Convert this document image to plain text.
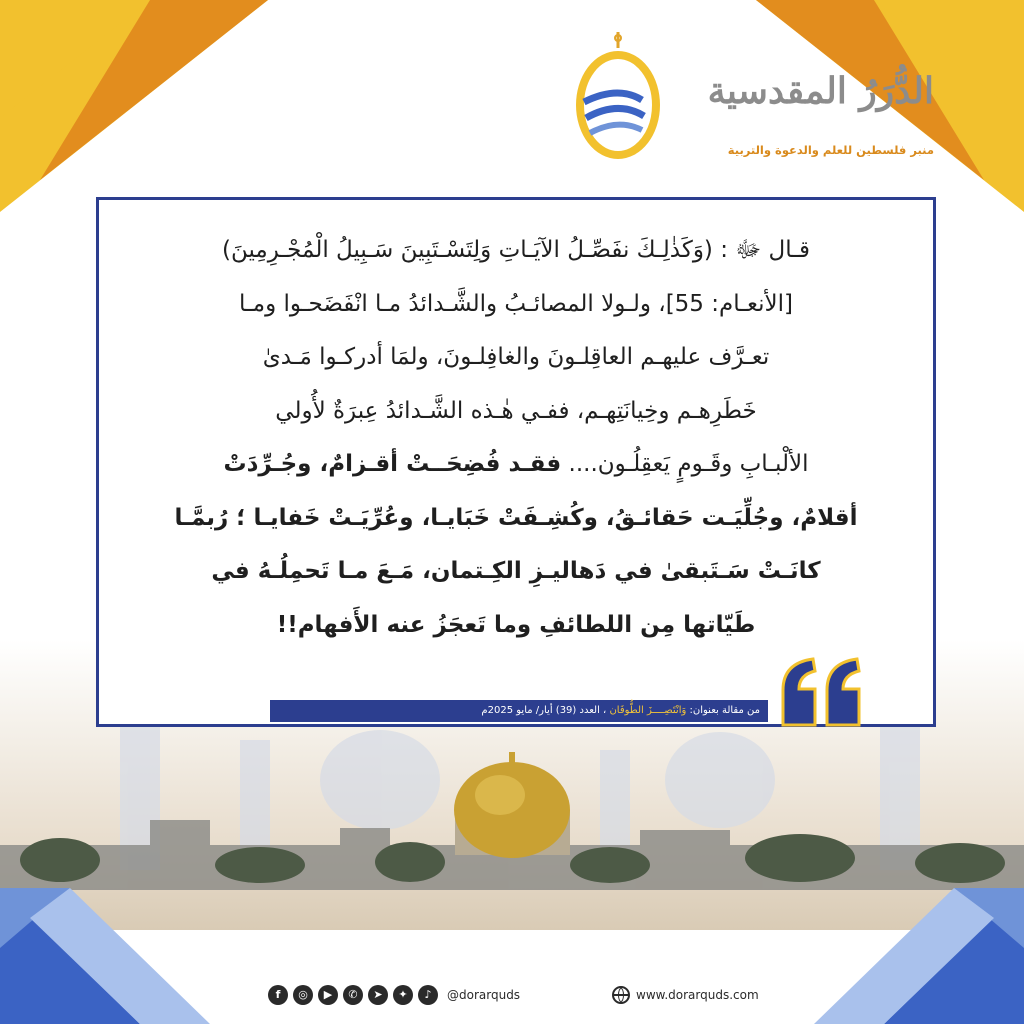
الدُّرَرُ المقدسية
منبر فلسطين للعلم والدعوة والتربية
قـال ﷻ : (وَكَذٰلِـكَ نفَصِّـلُ الآيَـاتِ وَلِتَسْـتَبِينَ سَـبِيلُ الْمُجْـرِمِينَ)
[الأنعـام: 55]، ولـولا المصائـبُ والشَّـدائدُ مـا انْفَضَحـوا ومـا
تعـرَّف عليهـم العاقِلـونَ والغافِلـونَ، ولمَا أدركـوا مَـدىٰ
خَطَرِهـم وخِيانَتِهـم، ففـي هٰـذه الشَّـدائدُ عِبرَةٌ لأُولي
الألْبـابِ وقَـومٍ يَعقِلُـون.... فقـد فُضِحَــتْ أقـزامٌ، وجُـرِّدَتْ
أقلامٌ، وجُلِّيَـت حَقائـقُ، وكُشِـفَتْ خَبَايـا، وعُرِّيَـتْ خَفايـا ؛ رُبمَّـا
كانَـتْ سَـتَبقىٰ في دَهاليـزِ الكِـتمان، مَـعَ مـا تَحمِلُـهُ في
طَيّاتها مِن اللطائفِ وما تَعجَزُ عنه الأَفهام!!
من مقالة بعنوان: وَانْتَصِــــزَ الطُّوفَان ، العدد (39) أيار/ مايو 2025م
f	◎	▶	✆	➤	✦	♪	@dorarquds	www.dorarquds.com
